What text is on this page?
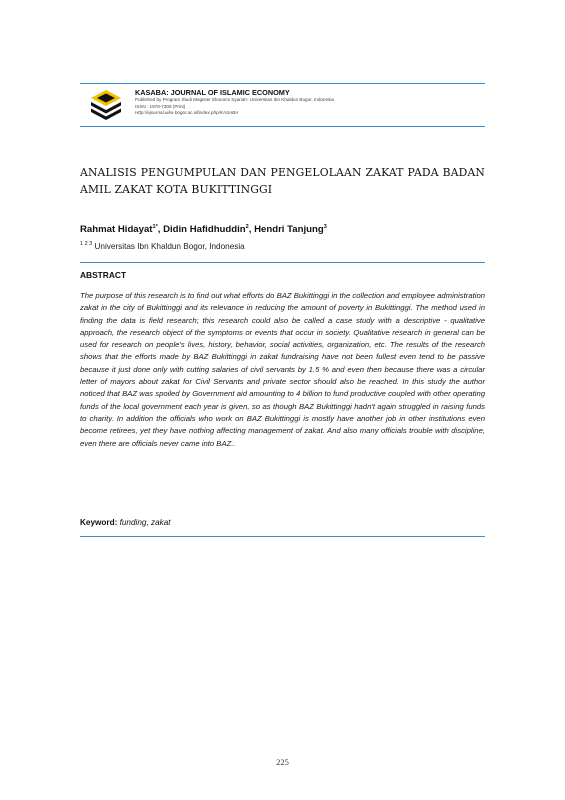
KASABA: JOURNAL OF ISLAMIC ECONOMY
Published by Program Studi Magister Ekonomi Syariah- Universitas Ibn Khaldun Bogor, Indonesia
ISSN : 1978-7308 (Print)
Http://ejournal.uika-bogor.ac.id/index.php/KASABA
ANALISIS PENGUMPULAN DAN PENGELOLAAN ZAKAT PADA BADAN AMIL ZAKAT KOTA BUKITTINGGI
Rahmat Hidayat$^{1*}$, Didin Hafidhuddin$^2$, Hendri Tanjung$^3$
$^{1 2 3}$ Universitas Ibn Khaldun Bogor, Indonesia
ABSTRACT
The purpose of this research is to find out what efforts do BAZ Bukittinggi in the collection and employee administration zakat in the city of Bukittinggi and its relevance in reducing the amount of poverty in Bukittinggi. The method used in finding the data is field research; this research could also be called a case study with a descriptive - qualitative approach, the research object of the symptoms or events that occur in society. Qualitative research in general can be used for research on people's lives, history, behavior, social activities, organization, etc. The results of the research shows that the efforts made by BAZ Bukittinggi in zakat fundraising have not been fullest even tend to be passive because it just done only with cutting salaries of civil servants by 1.5 % and even then because there was a circular letter of mayors about zakat for Civil Servants and private sector should also be reached. In this study the author noticed that BAZ was spoiled by Government aid amounting to 4 billion to fund productive coupled with other operating funds of the local government each year is given, so as though BAZ Bukittinggi hadn't again struggled in raising funds to charity. In addition the officials who work on BAZ Bukittinggi is mostly have another job in other institutions even become retirees, yet they have nothing affecting management of zakat. And also many officials trouble with discipline, even there are officials never came into BAZ..
Keyword: funding, zakat
225
